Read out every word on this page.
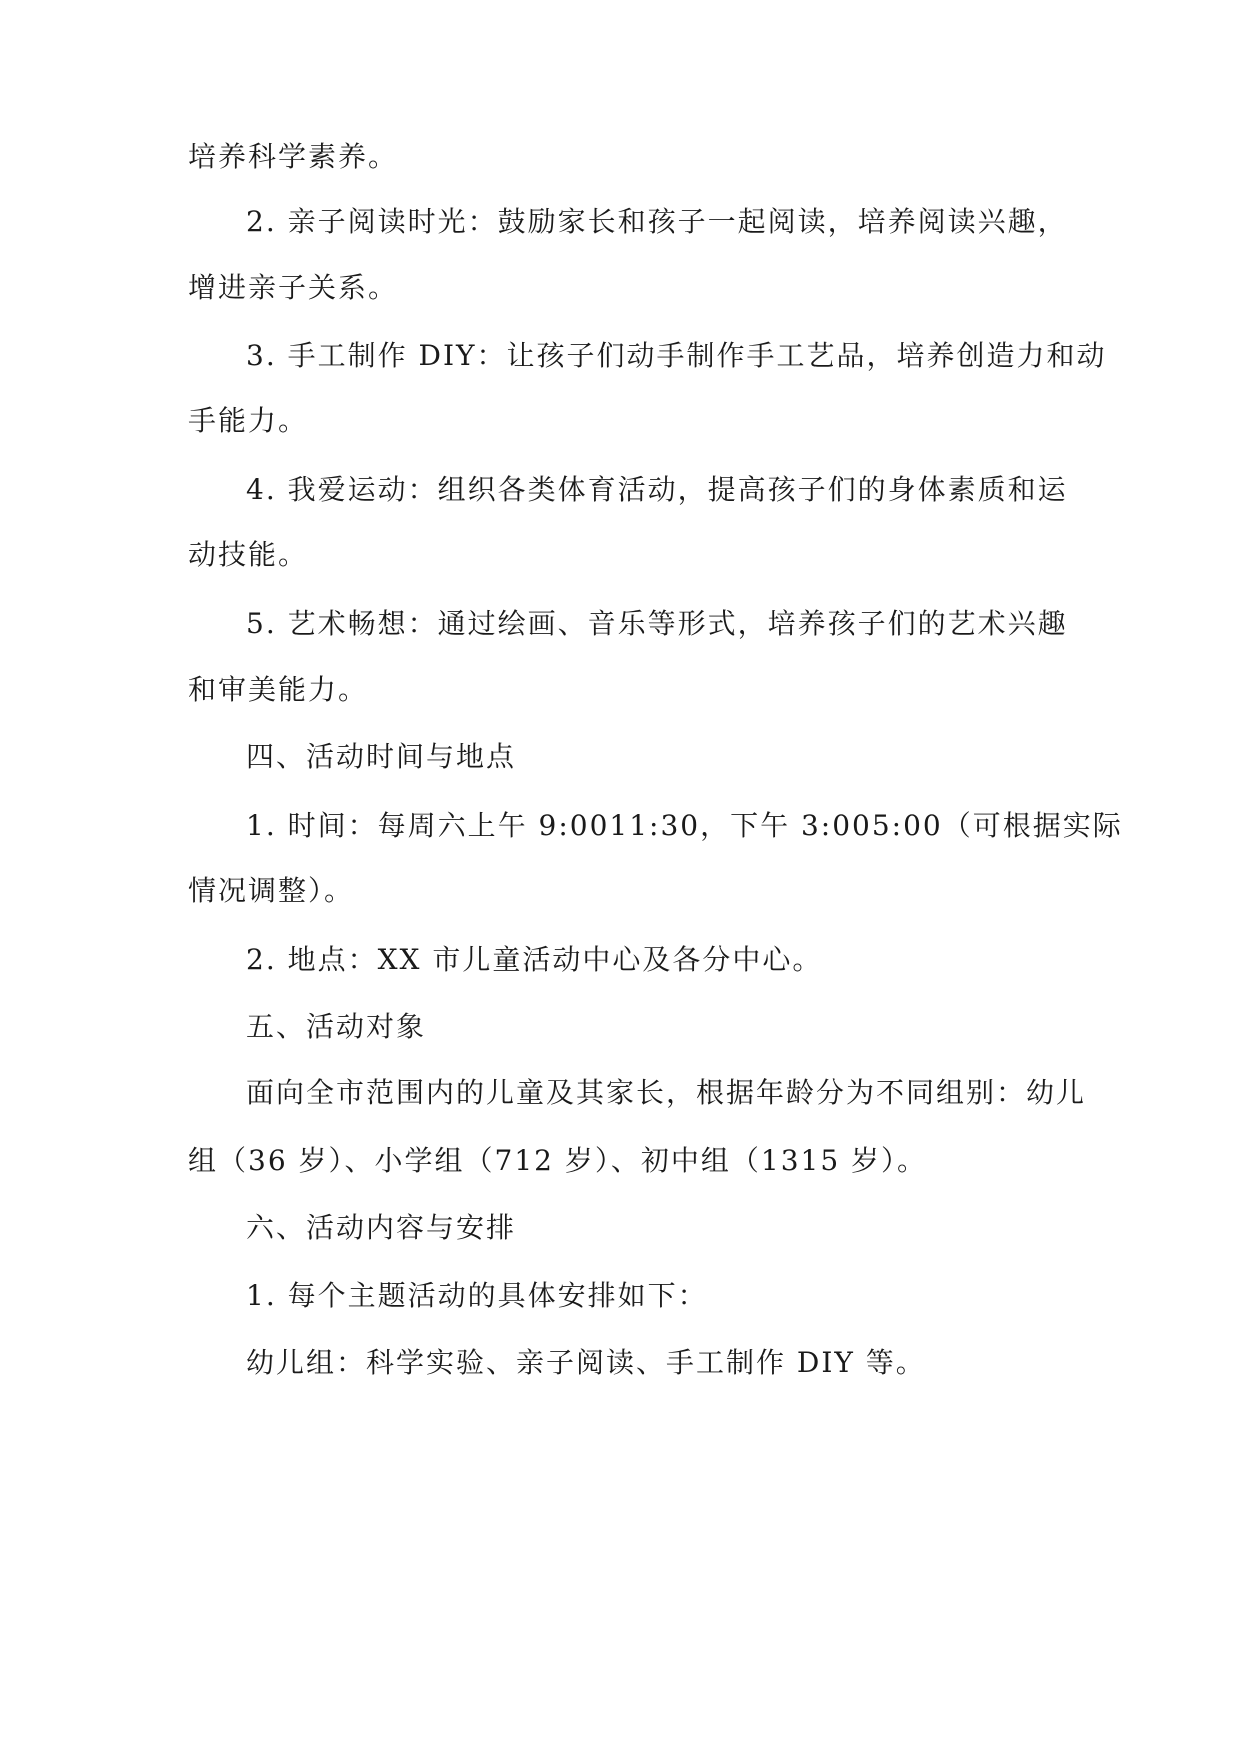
培养科学素养。

2. 亲子阅读时光：鼓励家长和孩子一起阅读，培养阅读兴趣，

增进亲子关系。

3. 手工制作 DIY：让孩子们动手制作手工艺品，培养创造力和动

手能力。

4. 我爱运动：组织各类体育活动，提高孩子们的身体素质和运

动技能。

5. 艺术畅想：通过绘画、音乐等形式，培养孩子们的艺术兴趣

和审美能力。

四、活动时间与地点

1. 时间：每周六上午 9:0011:30，下午 3:005:00（可根据实际

情况调整）。

2. 地点：XX 市儿童活动中心及各分中心。

五、活动对象

面向全市范围内的儿童及其家长，根据年龄分为不同组别：幼儿

组（36 岁）、小学组（712 岁）、初中组（1315 岁）。

六、活动内容与安排

1. 每个主题活动的具体安排如下：

幼儿组：科学实验、亲子阅读、手工制作 DIY 等。
